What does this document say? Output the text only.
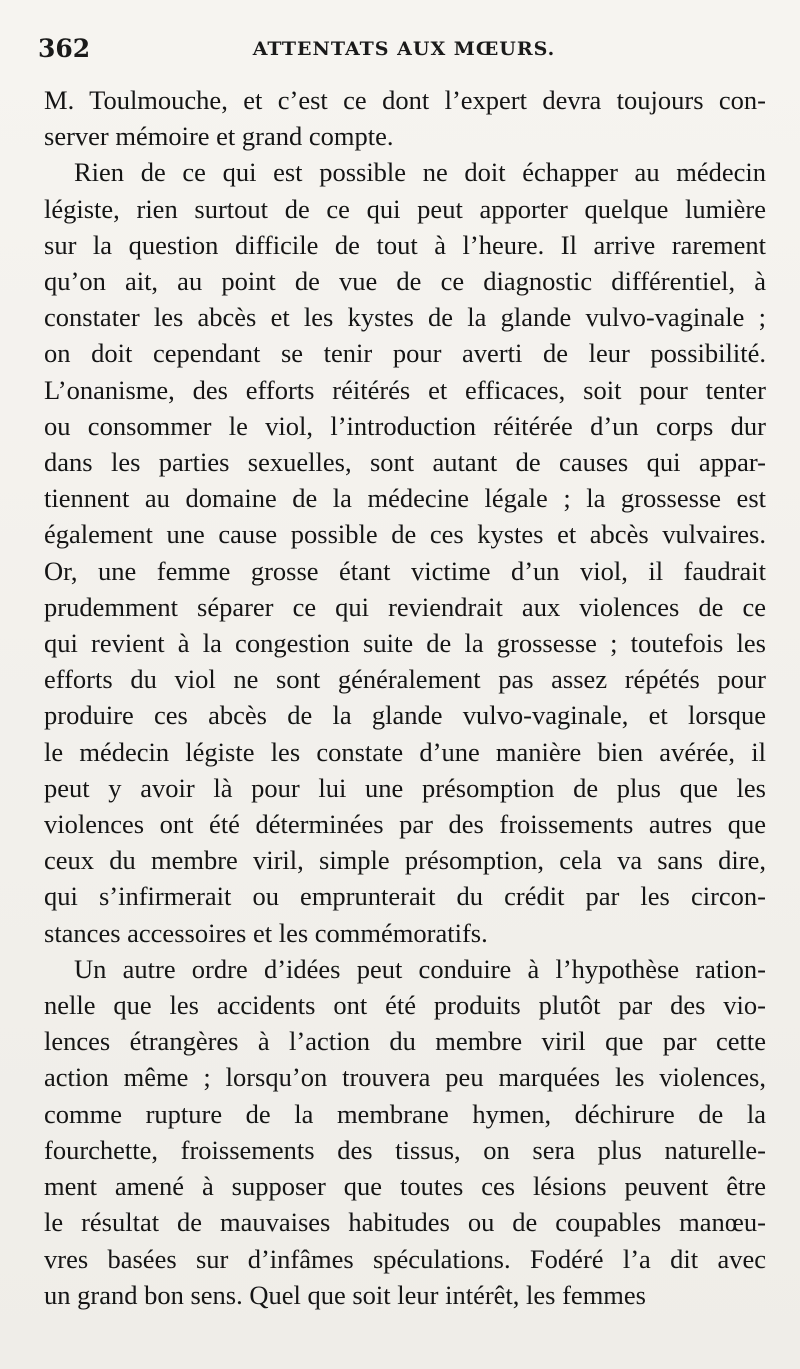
362	ATTENTATS AUX MŒURS.

M. Toulmouche, et c’est ce dont l’expert devra toujours con-
server mémoire et grand compte.

Rien de ce qui est possible ne doit échapper au médecin
légiste, rien surtout de ce qui peut apporter quelque lumière
sur la question difficile de tout à l’heure. Il arrive rarement
qu’on ait, au point de vue de ce diagnostic différentiel, à
constater les abcès et les kystes de la glande vulvo-vaginale ;
on doit cependant se tenir pour averti de leur possibilité.
L’onanisme, des efforts réitérés et efficaces, soit pour tenter
ou consommer le viol, l’introduction réitérée d’un corps dur
dans les parties sexuelles, sont autant de causes qui appar-
tiennent au domaine de la médecine légale ; la grossesse est
également une cause possible de ces kystes et abcès vulvaires.
Or, une femme grosse étant victime d’un viol, il faudrait
prudemment séparer ce qui reviendrait aux violences de ce
qui revient à la congestion suite de la grossesse ; toutefois les
efforts du viol ne sont généralement pas assez répétés pour
produire ces abcès de la glande vulvo-vaginale, et lorsque
le médecin légiste les constate d’une manière bien avérée, il
peut y avoir là pour lui une présomption de plus que les
violences ont été déterminées par des froissements autres que
ceux du membre viril, simple présomption, cela va sans dire,
qui s’infirmerait ou emprunterait du crédit par les circon-
stances accessoires et les commémoratifs.

Un autre ordre d’idées peut conduire à l’hypothèse ration-
nelle que les accidents ont été produits plutôt par des vio-
lences étrangères à l’action du membre viril que par cette
action même ; lorsqu’on trouvera peu marquées les violences,
comme rupture de la membrane hymen, déchirure de la
fourchette, froissements des tissus, on sera plus naturelle-
ment amené à supposer que toutes ces lésions peuvent être
le résultat de mauvaises habitudes ou de coupables manœu-
vres basées sur d’infâmes spéculations. Fodéré l’a dit avec
un grand bon sens. Quel que soit leur intérêt, les femmes
